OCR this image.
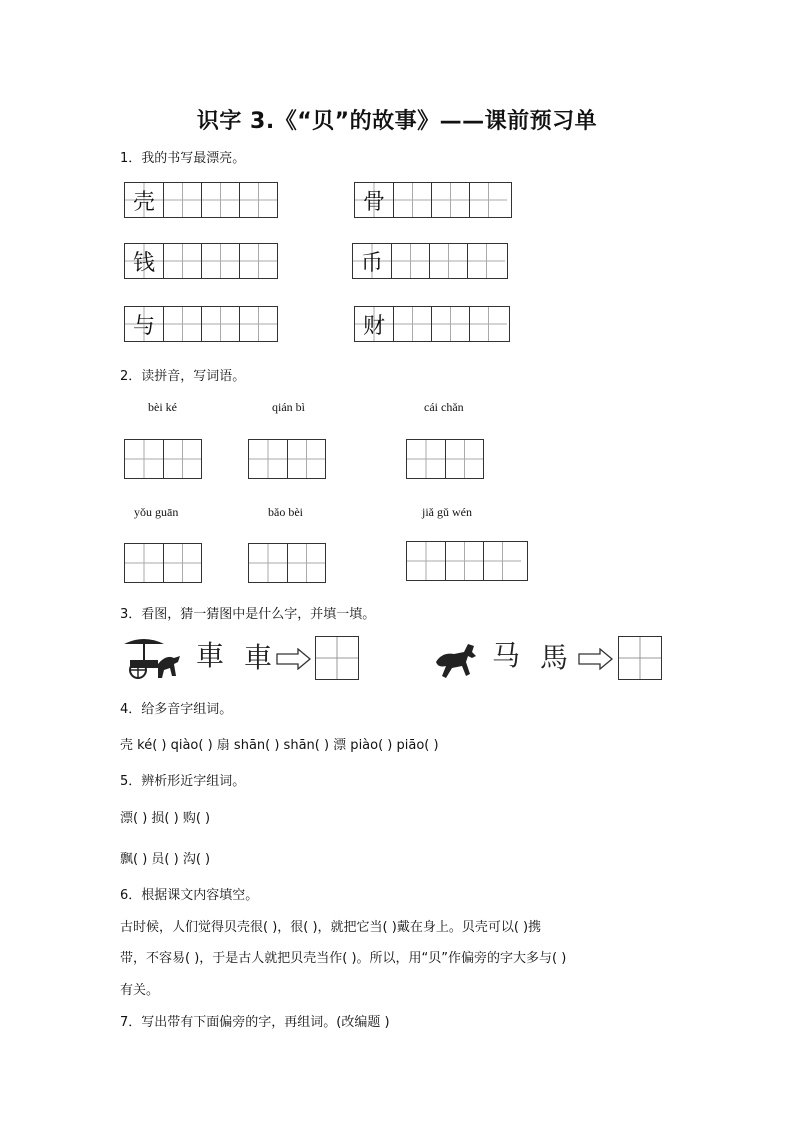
识字 3.《“贝”的故事》——课前预习单
1．我的书写最漂亮。
壳	骨
钱	币
与	财
2．读拼音，写词语。
bèi ké	qián bì	cái chǎn
yǒu guān	bǎo bèi	jiǎ gǔ wén
3．看图，猜一猜图中是什么字，并填一填。
車 車	马 馬
4．给多音字组词。
壳 ké( ) qiào( ) 扇 shān( ) shān( ) 漂 piào( ) piāo( )
5．辨析形近字组词。
漂( ) 损( ) 购( )
飘( ) 员( ) 沟( )
6．根据课文内容填空。
古时候，人们觉得贝壳很( )，很( )，就把它当( )戴在身上。贝壳可以( )携
带，不容易( )，于是古人就把贝壳当作( )。所以，用“贝”作偏旁的字大多与( )
有关。
7．写出带有下面偏旁的字，再组词。(改编题 )
